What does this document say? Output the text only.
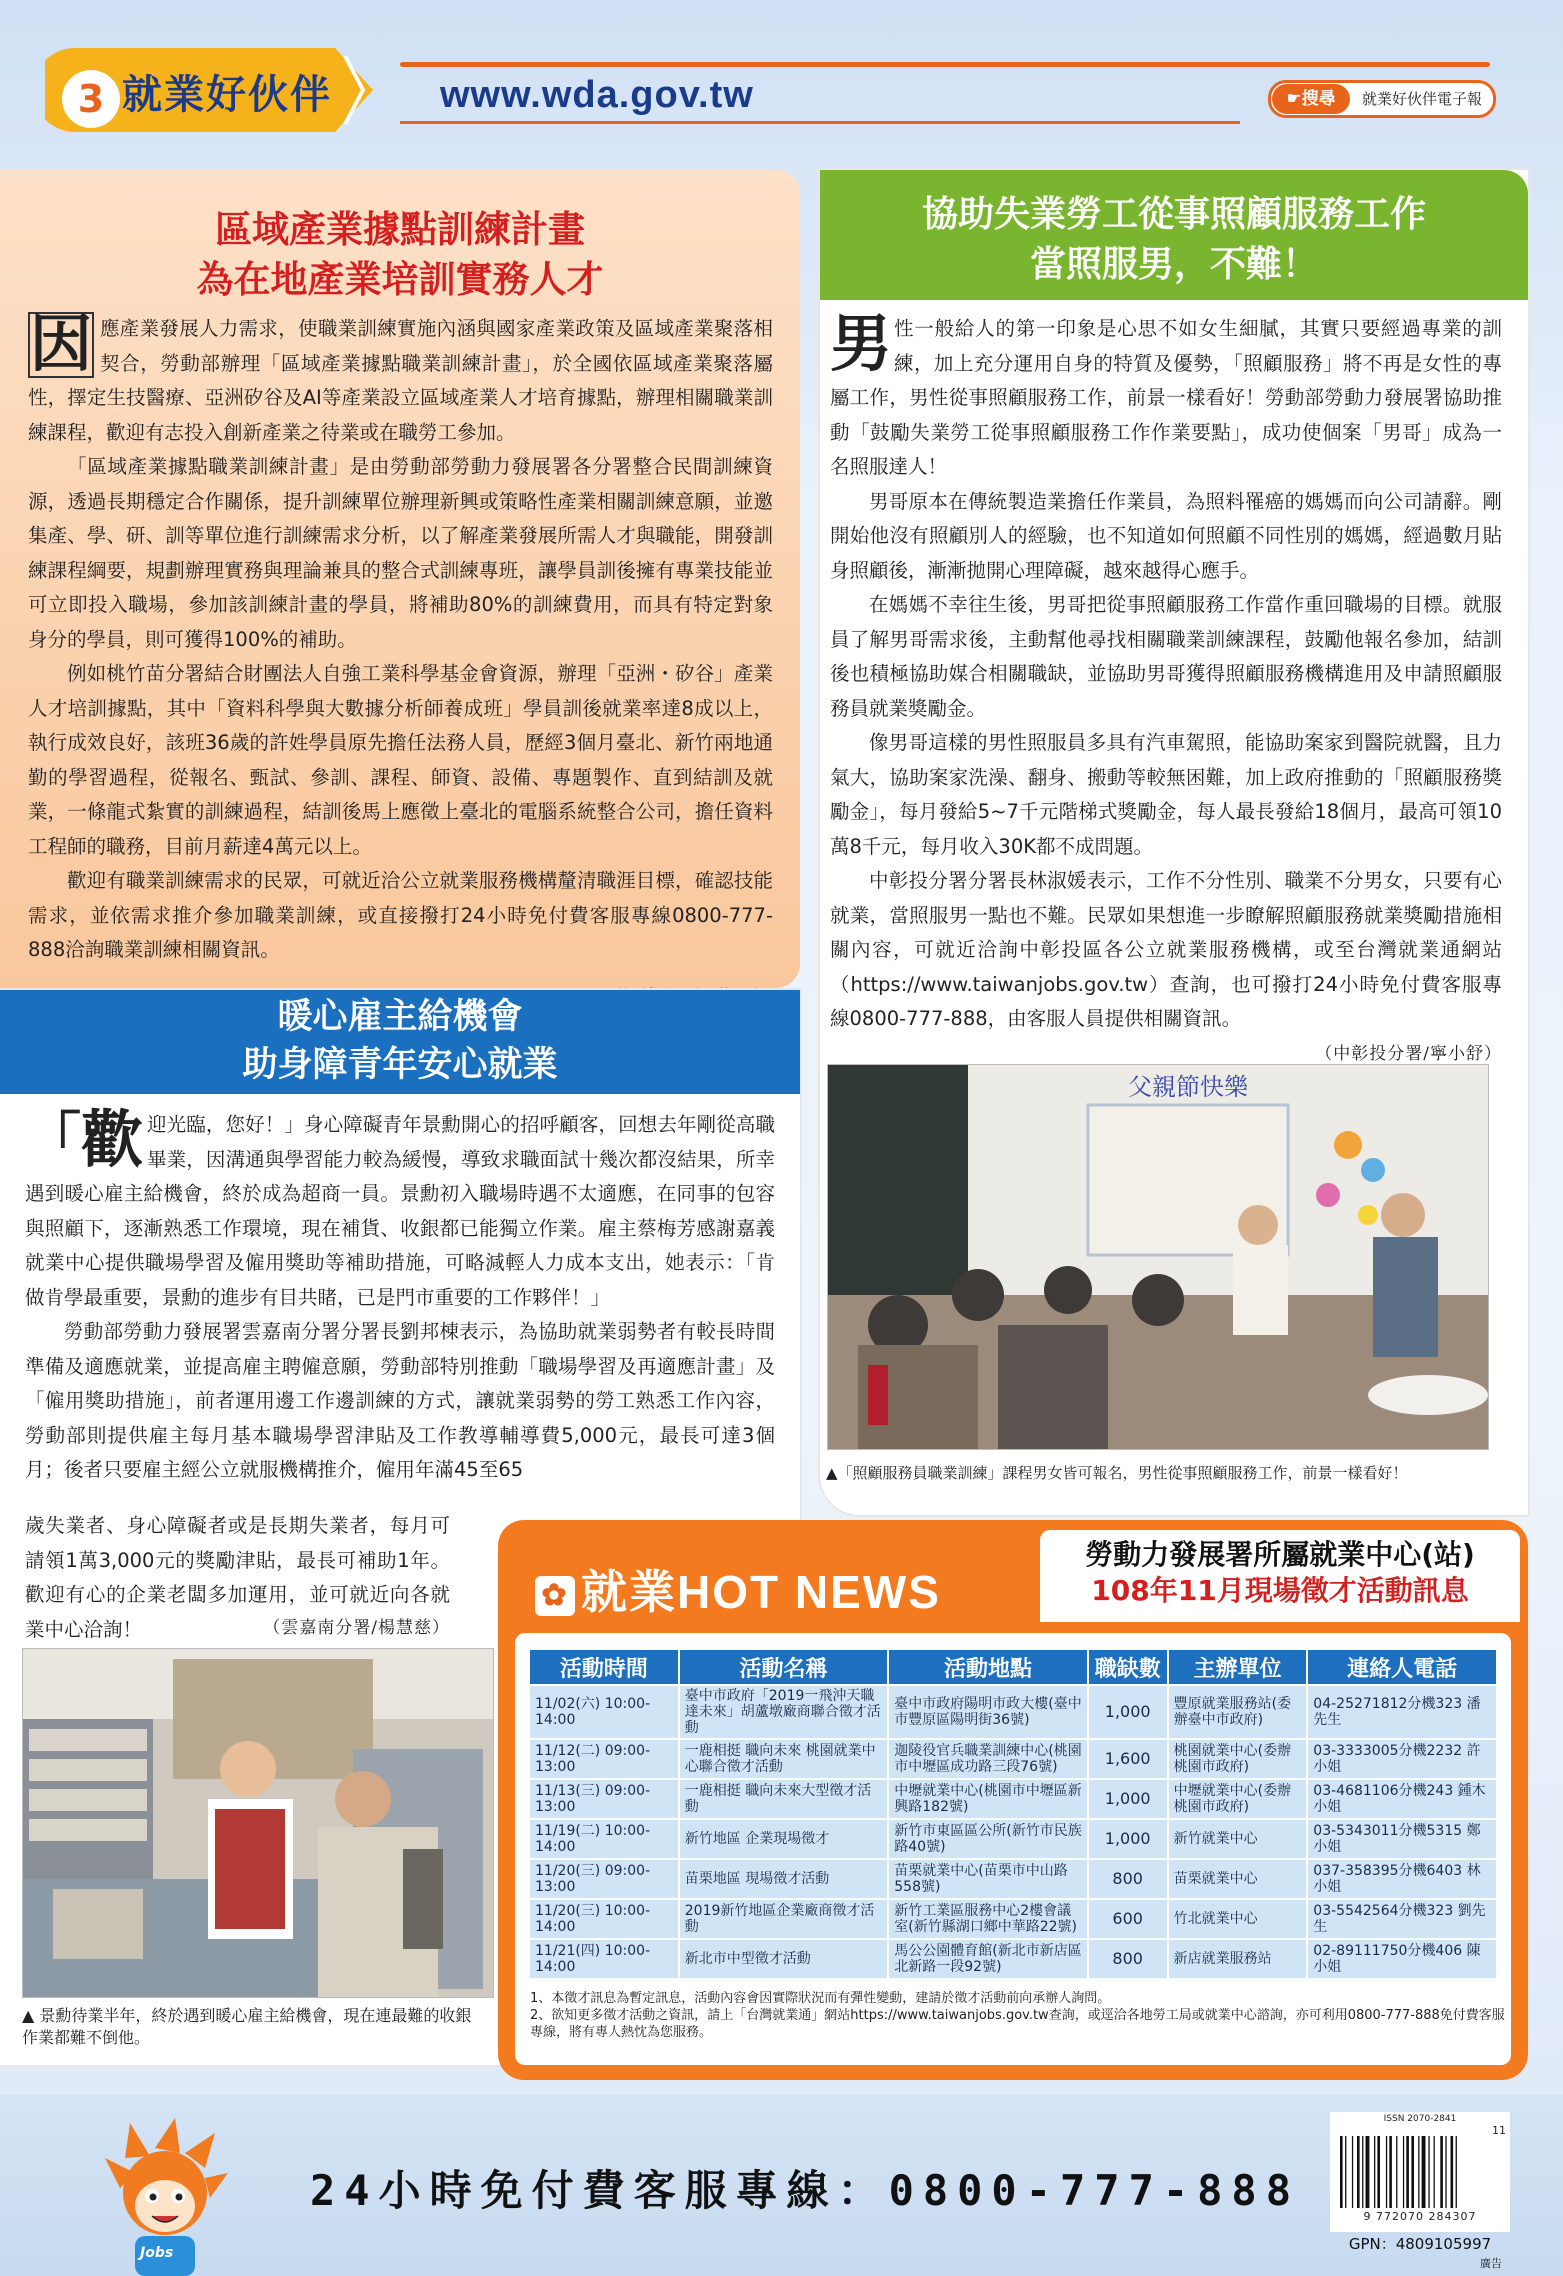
3 就業好伙伴	www.wda.gov.tw	☛搜尋	就業好伙伴電子報
區域產業據點訓練計畫
為在地產業培訓實務人才

因 應產業發展人力需求，使職業訓練實施內涵與國家產業政策及區域產業聚落相契合，勞動部辦理「區域產業據點職業訓練計畫」，於全國依區域產業聚落屬性，擇定生技醫療、亞洲矽谷及AI等產業設立區域產業人才培育據點，辦理相關職業訓練課程，歡迎有志投入創新產業之待業或在職勞工參加。

「區域產業據點職業訓練計畫」是由勞動部勞動力發展署各分署整合民間訓練資源，透過長期穩定合作關係，提升訓練單位辦理新興或策略性產業相關訓練意願，並邀集產、學、研、訓等單位進行訓練需求分析，以了解產業發展所需人才與職能，開發訓練課程綱要，規劃辦理實務與理論兼具的整合式訓練專班，讓學員訓後擁有專業技能並可立即投入職場，參加該訓練計畫的學員，將補助80%的訓練費用，而具有特定對象身分的學員，則可獲得100%的補助。

例如桃竹苗分署結合財團法人自強工業科學基金會資源，辦理「亞洲・矽谷」產業人才培訓據點，其中「資料科學與大數據分析師養成班」學員訓後就業率達8成以上，執行成效良好，該班36歲的許姓學員原先擔任法務人員，歷經3個月臺北、新竹兩地通勤的學習過程，從報名、甄試、參訓、課程、師資、設備、專題製作、直到結訓及就業，一條龍式紮實的訓練過程，結訓後馬上應徵上臺北的電腦系統整合公司，擔任資料工程師的職務，目前月薪達4萬元以上。

歡迎有職業訓練需求的民眾，可就近洽公立就業服務機構釐清職涯目標，確認技能需求，並依需求推介參加職業訓練，或直接撥打24小時免付費客服專線0800-777-888洽詢職業訓練相關資訊。

暖心雇主給機會
助身障青年安心就業

「 歡 迎光臨，您好！」身心障礙青年景勳開心的招呼顧客，回想去年剛從高職畢業，因溝通與學習能力較為緩慢，導致求職面試十幾次都沒結果，所幸遇到暖心雇主給機會，終於成為超商一員。景勳初入職場時遇不太適應，在同事的包容與照顧下，逐漸熟悉工作環境，現在補貨、收銀都已能獨立作業。雇主蔡梅芳感謝嘉義就業中心提供職場學習及僱用獎助等補助措施，可略減輕人力成本支出，她表示：「肯做肯學最重要，景勳的進步有目共睹，已是門市重要的工作夥伴！」

勞動部勞動力發展署雲嘉南分署分署長劉邦棟表示，為協助就業弱勢者有較長時間準備及適應就業，並提高雇主聘僱意願，勞動部特別推動「職場學習及再適應計畫」及「僱用獎助措施」，前者運用邊工作邊訓練的方式，讓就業弱勢的勞工熟悉工作內容，勞動部則提供雇主每月基本職場學習津貼及工作教導輔導費5,000元，最長可達3個月；後者只要雇主經公立就服機構推介，僱用年滿45至65

歲失業者、身心障礙者或是長期失業者，每月可請領1萬3,000元的獎勵津貼，最長可補助1年。歡迎有心的企業老闆多加運用，並可就近向各就業中心洽詢！	（雲嘉南分署/楊慧慈）
▲ 景勳待業半年，終於遇到暖心雇主給機會，現在連最難的收銀作業都難不倒他。
協助失業勞工從事照顧服務工作
當照服男，不難！

男性一般給人的第一印象是心思不如女生細膩，其實只要經過專業的訓練，加上充分運用自身的特質及優勢，「照顧服務」將不再是女性的專屬工作，男性從事照顧服務工作，前景一樣看好！勞動部勞動力發展署協助推動「鼓勵失業勞工從事照顧服務工作作業要點」，成功使個案「男哥」成為一名照服達人！

男哥原本在傳統製造業擔任作業員，為照料罹癌的媽媽而向公司請辭。剛開始他沒有照顧別人的經驗，也不知道如何照顧不同性別的媽媽，經過數月貼身照顧後，漸漸拋開心理障礙，越來越得心應手。

在媽媽不幸往生後，男哥把從事照顧服務工作當作重回職場的目標。就服員了解男哥需求後，主動幫他尋找相關職業訓練課程，鼓勵他報名參加，結訓後也積極協助媒合相關職缺，並協助男哥獲得照顧服務機構進用及申請照顧服務員就業獎勵金。

像男哥這樣的男性照服員多具有汽車駕照，能協助案家到醫院就醫，且力氣大，協助案家洗澡、翻身、搬動等較無困難，加上政府推動的「照顧服務獎勵金」，每月發給5~7千元階梯式獎勵金，每人最長發給18個月，最高可領10萬8千元，每月收入30K都不成問題。

中彰投分署分署長林淑媛表示，工作不分性別、職業不分男女，只要有心就業，當照服男一點也不難。民眾如果想進一步瞭解照顧服務就業獎勵措施相關內容，可就近洽詢中彰投區各公立就業服務機構，或至台灣就業通網站（https://www.taiwanjobs.gov.tw）查詢，也可撥打24小時免付費客服專線0800-777-888，由客服人員提供相關資訊。

（中彰投分署/寧小舒）
父親節快樂
▲「照顧服務員職業訓練」課程男女皆可報名，男性從事照顧服務工作，前景一樣看好！
✿ 就業HOT NEWS
勞動力發展署所屬就業中心(站)
108年11月現場徵才活動訊息
活動時間	活動名稱	活動地點	職缺數	主辦單位	連絡人電話
11/02(六) 10:00-14:00	臺中市政府「2019一飛沖天職達未來」胡蘆墩廠商聯合徵才活動	臺中市政府陽明市政大樓(臺中市豐原區陽明街36號)	1,000	豐原就業服務站(委辦臺中市政府)	04-25271812分機323 潘先生
11/12(二) 09:00-13:00	一鹿相挺 職向未來 桃園就業中心聯合徵才活動	迦陵役官兵職業訓練中心(桃園市中壢區成功路三段76號)	1,600	桃園就業中心(委辦桃園市政府)	03-3333005分機2232 許小姐
11/13(三) 09:00-13:00	一鹿相挺 職向未來大型徵才活動	中壢就業中心(桃園市中壢區新興路182號)	1,000	中壢就業中心(委辦桃園市政府)	03-4681106分機243 鍾木小姐
11/19(二) 10:00-14:00	新竹地區 企業現場徵才	新竹市東區區公所(新竹市民族路40號)	1,000	新竹就業中心	03-5343011分機5315 鄭小姐
11/20(三) 09:00-13:00	苗栗地區 現場徵才活動	苗栗就業中心(苗栗市中山路558號)	800	苗栗就業中心	037-358395分機6403 林小姐
11/20(三) 10:00-14:00	2019新竹地區企業廠商徵才活動	新竹工業區服務中心2樓會議室(新竹縣湖口鄉中華路22號)	600	竹北就業中心	03-5542564分機323 劉先生
11/21(四) 10:00-14:00	新北市中型徵才活動	馬公公園體育館(新北市新店區北新路一段92號)	800	新店就業服務站	02-89111750分機406 陳小姐
1、本徵才訊息為暫定訊息，活動內容會因實際狀況而有彈性變動，建請於徵才活動前向承辦人詢問。
2、欲知更多徵才活動之資訊，請上「台灣就業通」網站https://www.taiwanjobs.gov.tw查詢，或逕洽各地勞工局或就業中心諮詢，亦可利用0800-777-888免付費客服專線，將有專人熱忱為您服務。
Jobs
24小時免付費客服專線：0800-777-888
ISSN 2070-2841
11
9 772070 284307
GPN：4809105997
廣告
